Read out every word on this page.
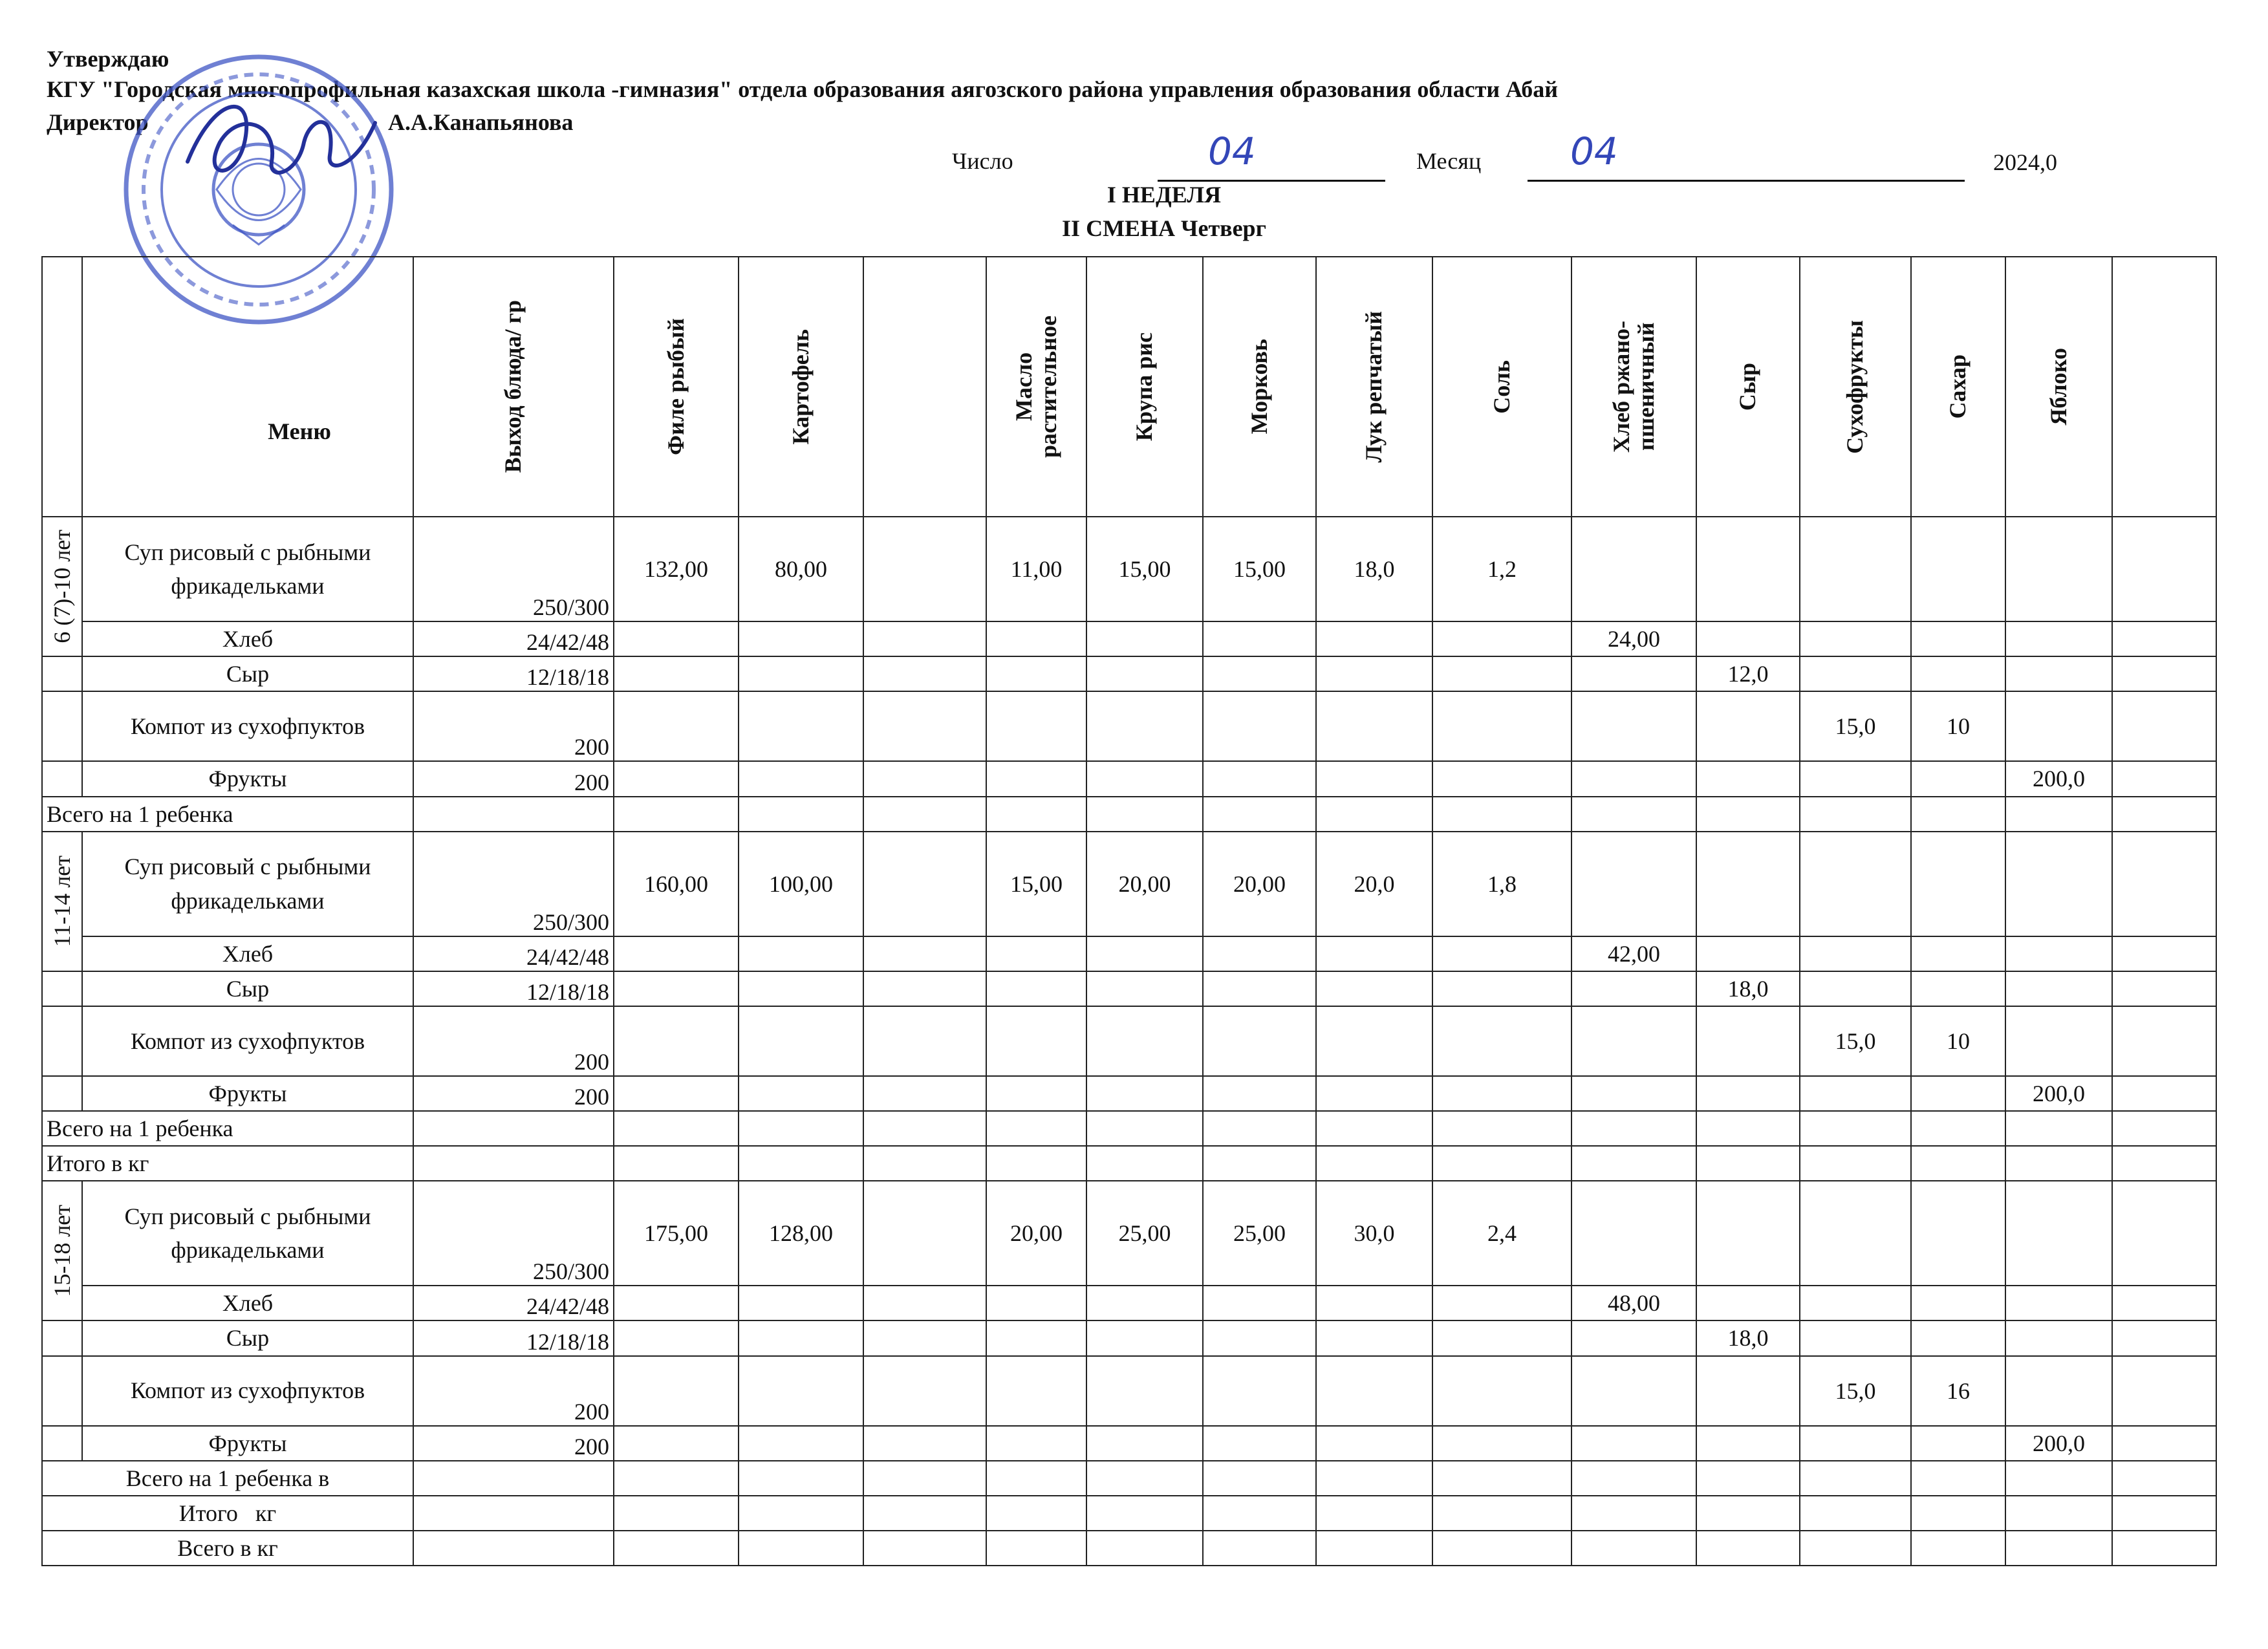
Утверждаю
КГУ "Городская многопрофильная казахская школа -гимназия" отдела образования аягозского района управления образования области Абай
Директор	А.А.Канапьянова
Число	04	Месяц 04	2024,0
I НЕДЕЛЯ
II СМЕНА Четверг
	Меню	Выход блюда/ гр	Филе рыбый	Картофель		Масло растительное	Крупа рис	Морковь	Лук репчатый	Соль	Хлеб ржано-пшеничный	Сыр	Сухофрукты	Сахар	Яблоко	

6 (7)-10 лет	Суп рисовый с рыбными фрикадельками	250/300	132,00	80,00		11,00	15,00	15,00	18,0	1,2						
	Хлеб	24/42/48									24,00					
	Сыр	12/18/18										12,0				
	Компот из сухофпуктов	200											15,0	10		
	Фрукты	200													200,0	
Всего на 1 ребенка																

11-14 лет	Суп рисовый с рыбными фрикадельками	250/300	160,00	100,00		15,00	20,00	20,00	20,0	1,8						
	Хлеб	24/42/48									42,00					
	Сыр	12/18/18										18,0				
	Компот из сухофпуктов	200											15,0	10		
	Фрукты	200													200,0	
Всего на 1 ребенка																
Итого в кг																

15-18 лет	Суп рисовый с рыбными фрикадельками	250/300	175,00	128,00		20,00	25,00	25,00	30,0	2,4						
	Хлеб	24/42/48									48,00					
	Сыр	12/18/18										18,0				
	Компот из сухофпуктов	200											15,0	16		
	Фрукты	200													200,0	
Всего на 1 ребенка в																
Итого   кг																
Всего в кг																
